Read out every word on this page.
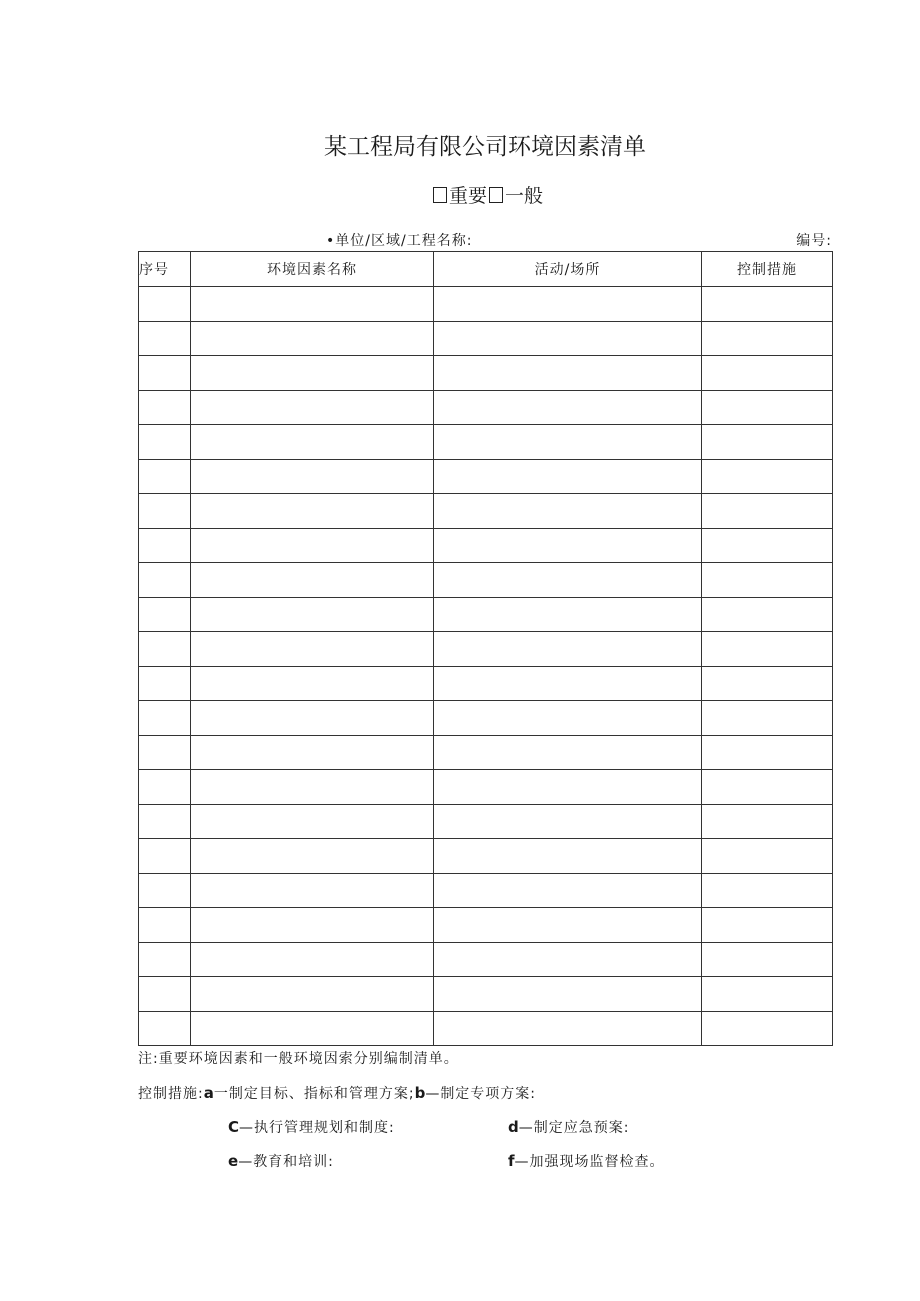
某工程局有限公司环境因素清单
重要 一般
•单位/区域/工程名称:	编号:
序号	环境因素名称	活动/场所	控制措施

注:重要环境因素和一般环境因索分别编制清单。
控制措施:a一制定目标、指标和管理方案;b—制定专项方案:
C—执行管理规划和制度:	d—制定应急预案:
e—教育和培训:	f—加强现场监督检查。
